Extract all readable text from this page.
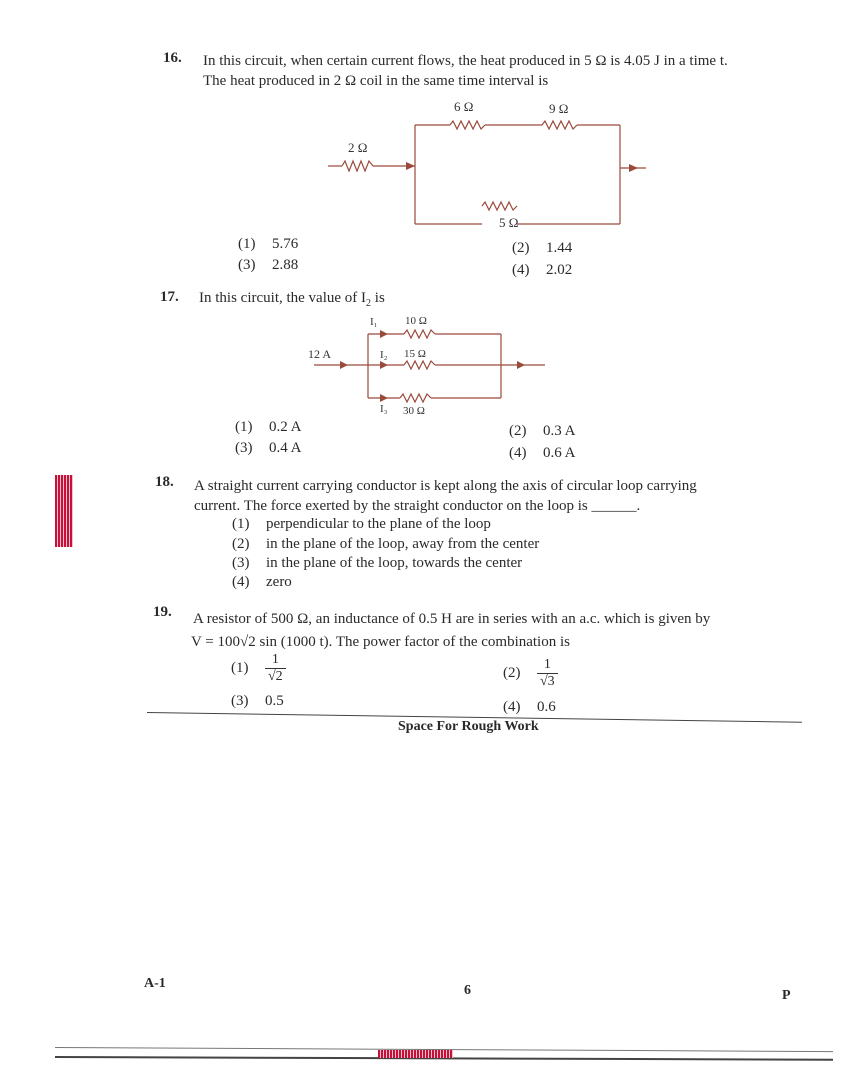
16. In this circuit, when certain current flows, the heat produced in 5 Ω is 4.05 J in a time t.
The heat produced in 2 Ω coil in the same time interval is
2 Ω
6 Ω	9 Ω
5 Ω
(1) 5.76	(2) 1.44
(3) 2.88	(4) 2.02
17. In this circuit, the value of $I_2$ is
12 A
I₁	10 Ω
I₂ 15 Ω
I₃ 30 Ω
(1) 0.2 A	(2) 0.3 A
(3) 0.4 A	(4) 0.6 A
18. A straight current carrying conductor is kept along the axis of circular loop carrying
current. The force exerted by the straight conductor on the loop is ______.
(1) perpendicular to the plane of the loop
(2) in the plane of the loop, away from the center
(3) in the plane of the loop, towards the center
(4) zero
19. A resistor of 500 Ω, an inductance of 0.5 H are in series with an a.c. which is given by
V = 100√2 sin (1000 t). The power factor of the combination is
$(1) \frac{1}{√2}$	$(2) \frac{1}{√3}$
(3) 0.5	(4) 0.6
Space For Rough Work
A-1	6	P
